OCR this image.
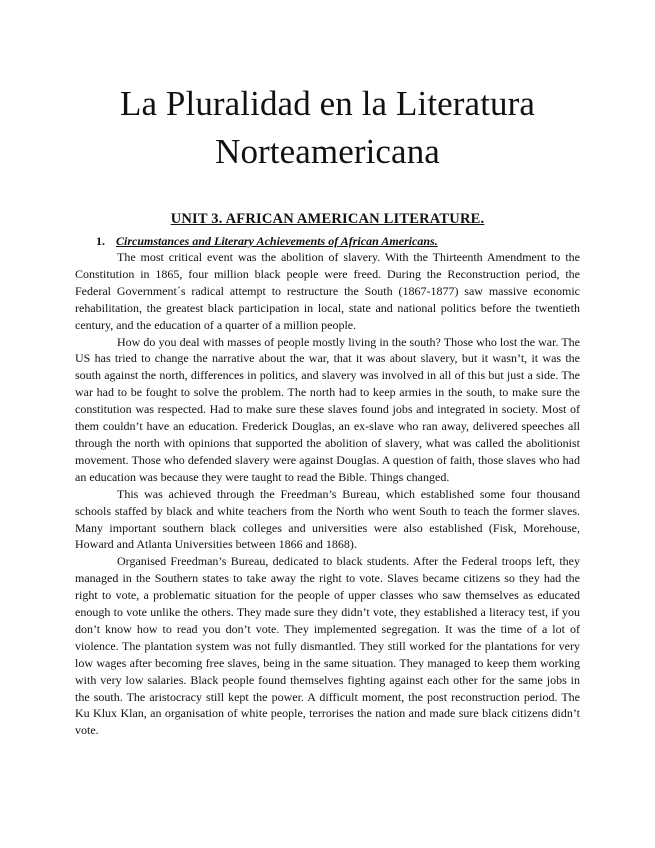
La Pluralidad en la Literatura
Norteamericana
UNIT 3. AFRICAN AMERICAN LITERATURE.
1. Circumstances and Literary Achievements of African Americans.

The most critical event was the abolition of slavery. With the Thirteenth Amendment to the Constitution in 1865, four million black people were freed. During the Reconstruction period, the Federal Government´s radical attempt to restructure the South (1867-1877) saw massive economic rehabilitation, the greatest black participation in local, state and national politics before the twentieth century, and the education of a quarter of a million people.

How do you deal with masses of people mostly living in the south? Those who lost the war. The US has tried to change the narrative about the war, that it was about slavery, but it wasn’t, it was the south against the north, differences in politics, and slavery was involved in all of this but just a side. The war had to be fought to solve the problem. The north had to keep armies in the south, to make sure the constitution was respected. Had to make sure these slaves found jobs and integrated in society. Most of them couldn’t have an education. Frederick Douglas, an ex-slave who ran away, delivered speeches all through the north with opinions that supported the abolition of slavery, what was called the abolitionist movement. Those who defended slavery were against Douglas. A question of faith, those slaves who had an education was because they were taught to read the Bible. Things changed.

This was achieved through the Freedman’s Bureau, which established some four thousand schools staffed by black and white teachers from the North who went South to teach the former slaves. Many important southern black colleges and universities were also established (Fisk, Morehouse, Howard and Atlanta Universities between 1866 and 1868).

Organised Freedman’s Bureau, dedicated to black students. After the Federal troops left, they managed in the Southern states to take away the right to vote. Slaves became citizens so they had the right to vote, a problematic situation for the people of upper classes who saw themselves as educated enough to vote unlike the others. They made sure they didn’t vote, they established a literacy test, if you don’t know how to read you don’t vote. They implemented segregation. It was the time of a lot of violence. The plantation system was not fully dismantled. They still worked for the plantations for very low wages after becoming free slaves, being in the same situation. They managed to keep them working with very low salaries. Black people found themselves fighting against each other for the same jobs in the south. The aristocracy still kept the power. A difficult moment, the post reconstruction period. The Ku Klux Klan, an organisation of white people, terrorises the nation and made sure black citizens didn’t vote.
